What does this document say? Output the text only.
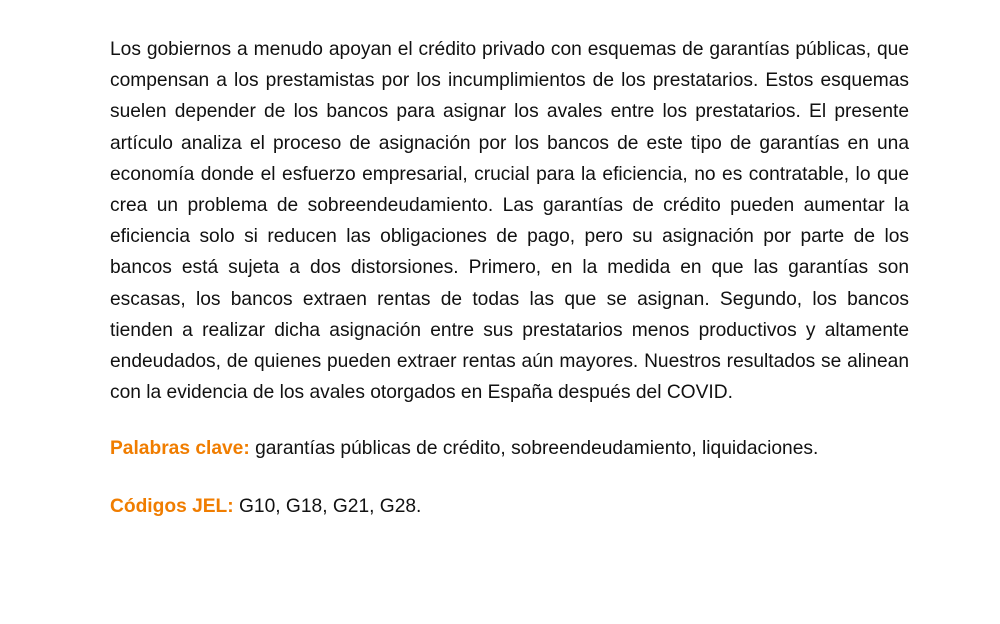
Los gobiernos a menudo apoyan el crédito privado con esquemas de garantías públicas, que compensan a los prestamistas por los incumplimientos de los prestatarios. Estos esquemas suelen depender de los bancos para asignar los avales entre los prestatarios. El presente artículo analiza el proceso de asignación por los bancos de este tipo de garantías en una economía donde el esfuerzo empresarial, crucial para la eficiencia, no es contratable, lo que crea un problema de sobreendeudamiento. Las garantías de crédito pueden aumentar la eficiencia solo si reducen las obligaciones de pago, pero su asignación por parte de los bancos está sujeta a dos distorsiones. Primero, en la medida en que las garantías son escasas, los bancos extraen rentas de todas las que se asignan. Segundo, los bancos tienden a realizar dicha asignación entre sus prestatarios menos productivos y altamente endeudados, de quienes pueden extraer rentas aún mayores. Nuestros resultados se alinean con la evidencia de los avales otorgados en España después del COVID.

Palabras clave: garantías públicas de crédito, sobreendeudamiento, liquidaciones.

Códigos JEL: G10, G18, G21, G28.
